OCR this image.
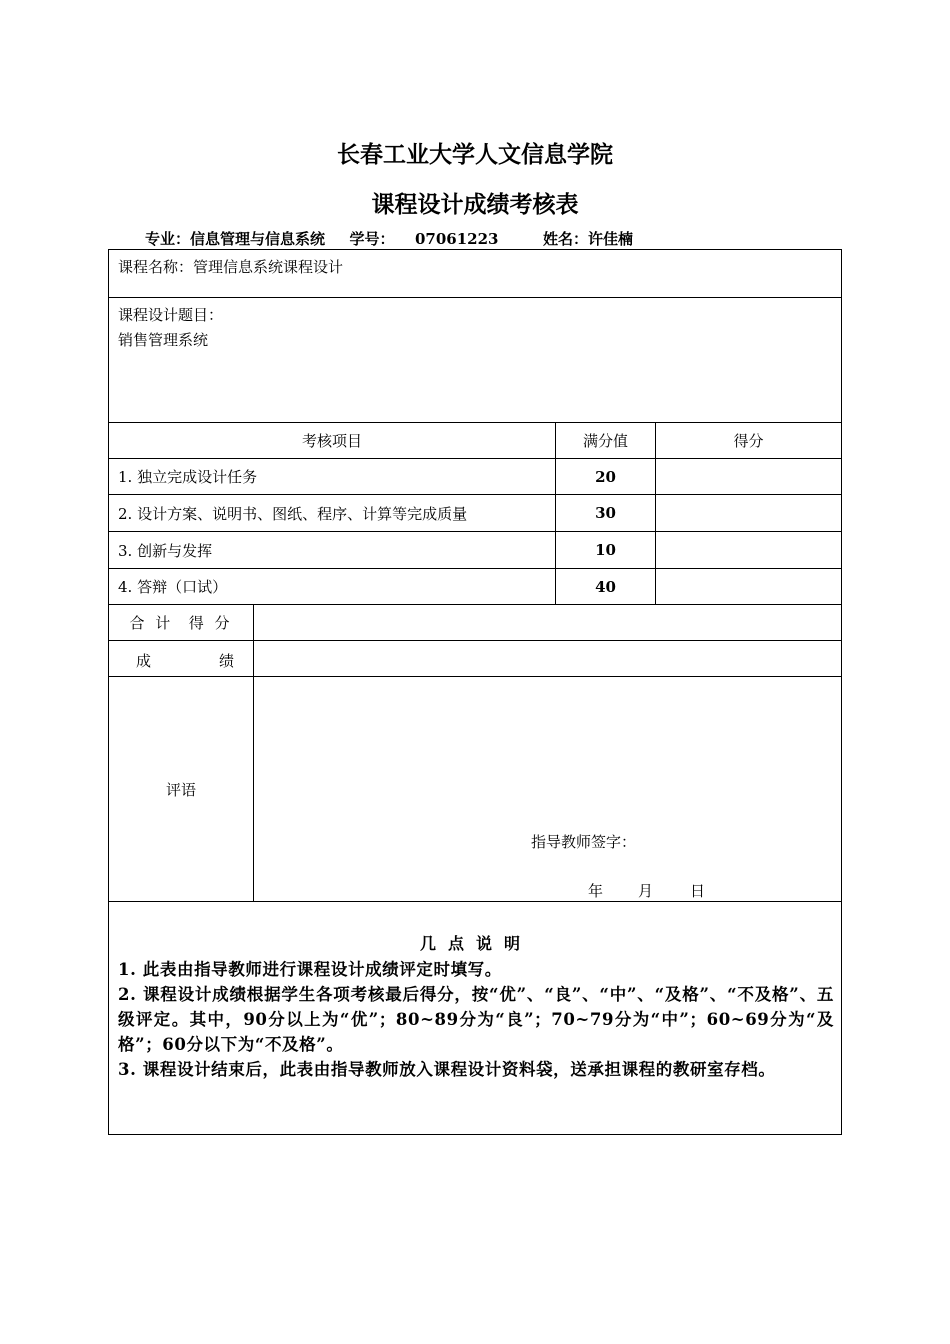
长春工业大学人文信息学院
课程设计成绩考核表
专业：信息管理与信息系统 学号： 07061223	姓名：许佳楠
课程名称：管理信息系统课程设计
课程设计题目：
销售管理系统
考核项目	满分值	得分
1. 独立完成设计任务	20
2. 设计方案、说明书、图纸、程序、计算等完成质量	30
3. 创新与发挥	10
4. 答辩（口试）	40
合 计  得 分
成	绩
评语
指导教师签字：
年 月 日

几点说明

1. 此表由指导教师进行课程设计成绩评定时填写。

2. 课程设计成绩根据学生各项考核最后得分，按“优”、“良”、“中”、“及格”、“不及格”、五级评定。其中，90分以上为“优”；80~89分为“良”；70~79分为“中”；60~69分为“及格”；60分以下为“不及格”。

3. 课程设计结束后，此表由指导教师放入课程设计资料袋，送承担课程的教研室存档。
